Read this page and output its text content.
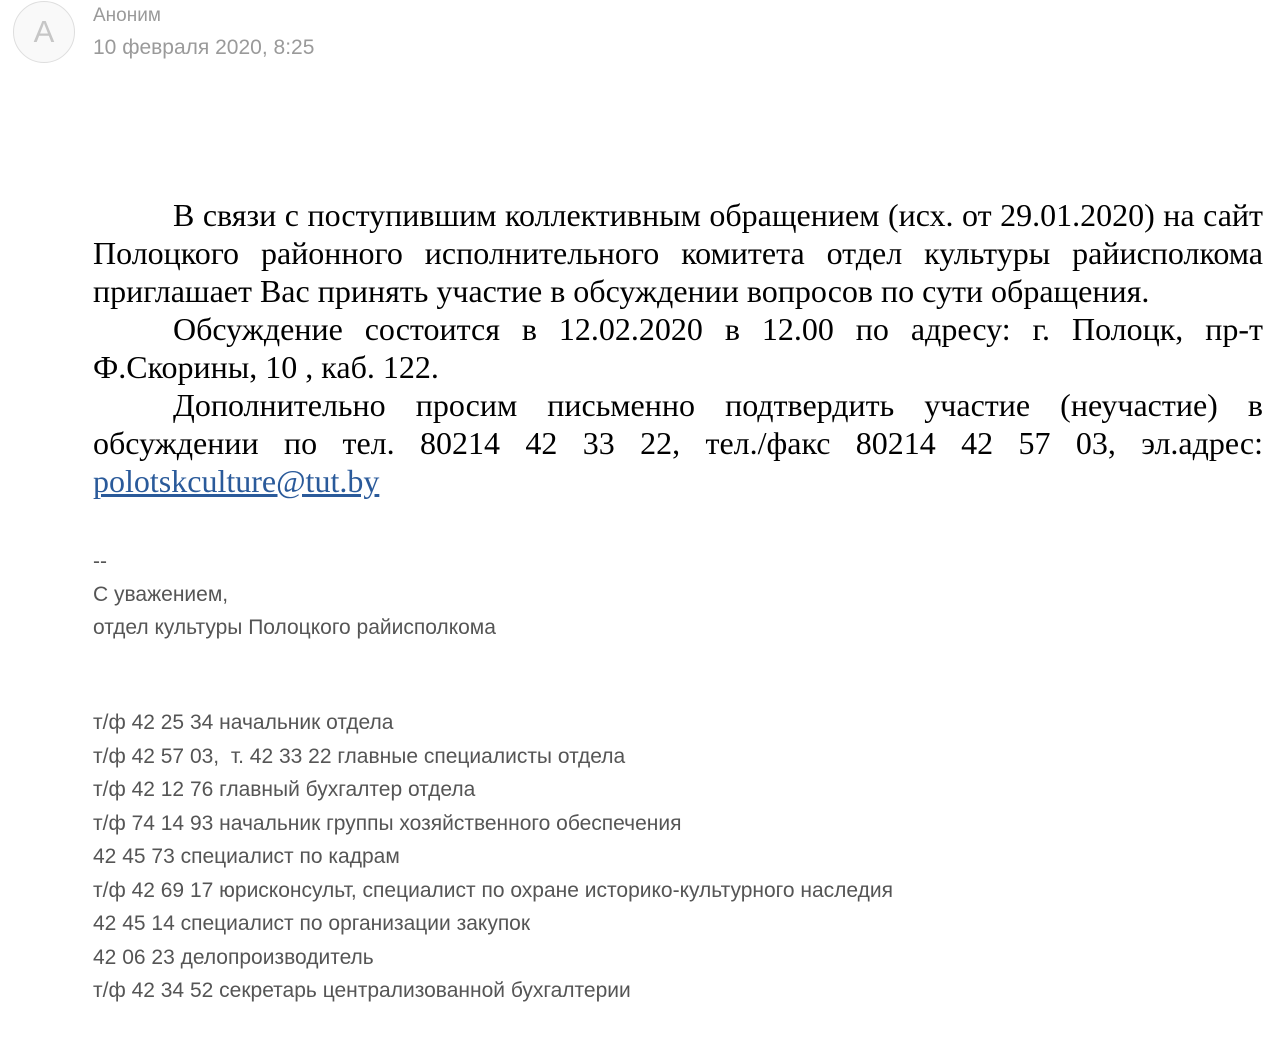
А Аноним
10 февраля 2020, 8:25

В связи с поступившим коллективным обращением (исх. от 29.01.2020) на сайт Полоцкого районного исполнительного комитета отдел культуры райисполкома приглашает Вас принять участие в обсуждении вопросов по сути обращения.

Обсуждение состоится в 12.02.2020 в 12.00 по адресу: г. Полоцк, пр-т Ф.Скорины, 10 , каб. 122.

Дополнительно просим письменно подтвердить участие (неучастие) в обсуждении по тел. 80214 42 33 22, тел./факс 80214 42 57 03, эл.адрес: polotskculture@tut.by

--
С уважением,
отдел культуры Полоцкого райисполкома
т/ф 42 25 34 начальник отдела
т/ф 42 57 03,  т. 42 33 22 главные специалисты отдела
т/ф 42 12 76 главный бухгалтер отдела
т/ф 74 14 93 начальник группы хозяйственного обеспечения
42 45 73 специалист по кадрам
т/ф 42 69 17 юрисконсульт, специалист по охране историко-культурного наследия
42 45 14 специалист по организации закупок
42 06 23 делопроизводитель
т/ф 42 34 52 секретарь централизованной бухгалтерии
